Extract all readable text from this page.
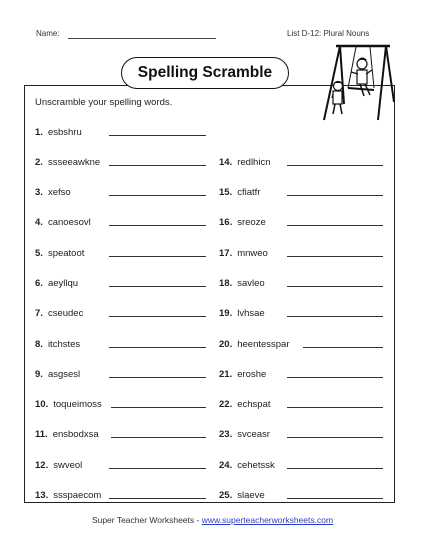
Name:	List D-12: Plural Nouns
Spelling Scramble
Unscramble your spelling words.
1. esbshru
2. ssseeawkne
3. xefso
4. canoesovl
5. speatoot
6. aeyllqu
7. cseudec
8. itchstes
9. asgsesl
10. toqueimoss
11. ensbodxsa
12. swveol
13. ssspaecom
14. redlhicn
15. cfiatfr
16. sreoze
17. mnweo
18. savleo
19. lvhsae
20. heentesspar
21. eroshe
22. echspat
23. svceasr
24. cehetssk
25. slaeve
Super Teacher Worksheets - www.superteacherworksheets.com
